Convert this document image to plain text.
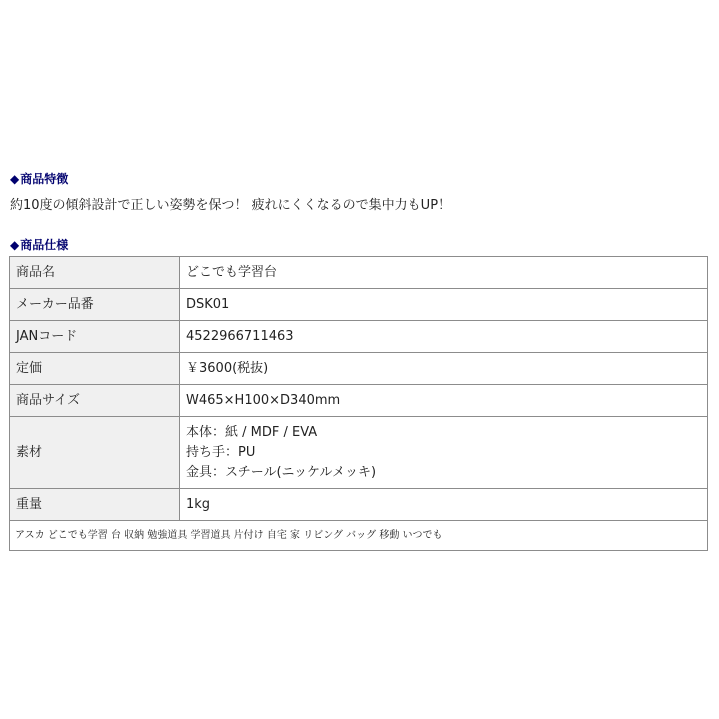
◆商品特徴
約10度の傾斜設計で正しい姿勢を保つ！ 疲れにくくなるので集中力もUP！
◆商品仕様
商品名	どこでも学習台
メーカー品番	DSK01
JANコード	4522966711463
定価	￥3600(税抜)
商品サイズ	W465×H100×D340mm
素材	本体：紙 / MDF / EVA
持ち手：PU
金具：スチール(ニッケルメッキ)

重量	1kg
アスカ どこでも学習 台 収納 勉強道具 学習道具 片付け 自宅 家 リビング バッグ 移動 いつでも	
